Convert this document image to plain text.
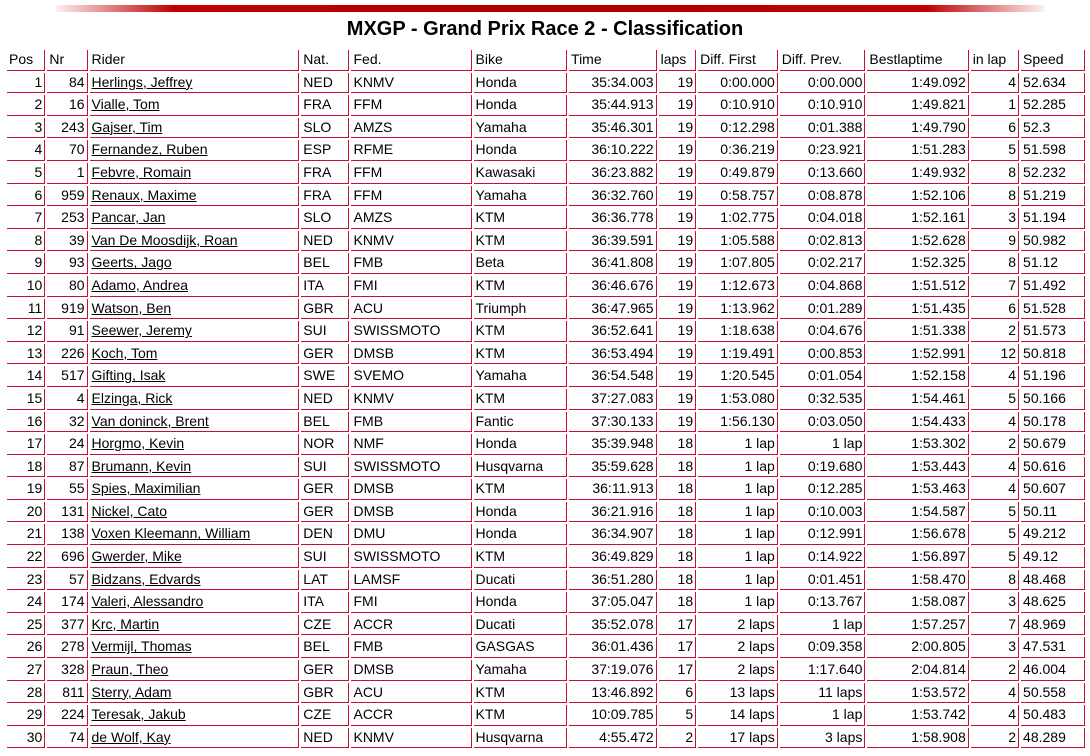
MXGP - Grand Prix Race 2 - Classification
Pos	Nr	Rider	Nat.	Fed.	Bike	Time	laps	Diff. First	Diff. Prev.	Bestlaptime	in lap	Speed
1	84	Herlings, Jeffrey	NED	KNMV	Honda	35:34.003	19	0:00.000	0:00.000	1:49.092	4	52.634
2	16	Vialle, Tom	FRA	FFM	Honda	35:44.913	19	0:10.910	0:10.910	1:49.821	1	52.285
3	243	Gajser, Tim	SLO	AMZS	Yamaha	35:46.301	19	0:12.298	0:01.388	1:49.790	6	52.3
4	70	Fernandez, Ruben	ESP	RFME	Honda	36:10.222	19	0:36.219	0:23.921	1:51.283	5	51.598
5	1	Febvre, Romain	FRA	FFM	Kawasaki	36:23.882	19	0:49.879	0:13.660	1:49.932	8	52.232
6	959	Renaux, Maxime	FRA	FFM	Yamaha	36:32.760	19	0:58.757	0:08.878	1:52.106	8	51.219
7	253	Pancar, Jan	SLO	AMZS	KTM	36:36.778	19	1:02.775	0:04.018	1:52.161	3	51.194
8	39	Van De Moosdijk, Roan	NED	KNMV	KTM	36:39.591	19	1:05.588	0:02.813	1:52.628	9	50.982
9	93	Geerts, Jago	BEL	FMB	Beta	36:41.808	19	1:07.805	0:02.217	1:52.325	8	51.12
10	80	Adamo, Andrea	ITA	FMI	KTM	36:46.676	19	1:12.673	0:04.868	1:51.512	7	51.492
11	919	Watson, Ben	GBR	ACU	Triumph	36:47.965	19	1:13.962	0:01.289	1:51.435	6	51.528
12	91	Seewer, Jeremy	SUI	SWISSMOTO	KTM	36:52.641	19	1:18.638	0:04.676	1:51.338	2	51.573
13	226	Koch, Tom	GER	DMSB	KTM	36:53.494	19	1:19.491	0:00.853	1:52.991	12	50.818
14	517	Gifting, Isak	SWE	SVEMO	Yamaha	36:54.548	19	1:20.545	0:01.054	1:52.158	4	51.196
15	4	Elzinga, Rick	NED	KNMV	KTM	37:27.083	19	1:53.080	0:32.535	1:54.461	5	50.166
16	32	Van doninck, Brent	BEL	FMB	Fantic	37:30.133	19	1:56.130	0:03.050	1:54.433	4	50.178
17	24	Horgmo, Kevin	NOR	NMF	Honda	35:39.948	18	1 lap	1 lap	1:53.302	2	50.679
18	87	Brumann, Kevin	SUI	SWISSMOTO	Husqvarna	35:59.628	18	1 lap	0:19.680	1:53.443	4	50.616
19	55	Spies, Maximilian	GER	DMSB	KTM	36:11.913	18	1 lap	0:12.285	1:53.463	4	50.607
20	131	Nickel, Cato	GER	DMSB	Honda	36:21.916	18	1 lap	0:10.003	1:54.587	5	50.11
21	138	Voxen Kleemann, William	DEN	DMU	Honda	36:34.907	18	1 lap	0:12.991	1:56.678	5	49.212
22	696	Gwerder, Mike	SUI	SWISSMOTO	KTM	36:49.829	18	1 lap	0:14.922	1:56.897	5	49.12
23	57	Bidzans, Edvards	LAT	LAMSF	Ducati	36:51.280	18	1 lap	0:01.451	1:58.470	8	48.468
24	174	Valeri, Alessandro	ITA	FMI	Honda	37:05.047	18	1 lap	0:13.767	1:58.087	3	48.625
25	377	Krc, Martin	CZE	ACCR	Ducati	35:52.078	17	2 laps	1 lap	1:57.257	7	48.969
26	278	Vermijl, Thomas	BEL	FMB	GASGAS	36:01.436	17	2 laps	0:09.358	2:00.805	3	47.531
27	328	Praun, Theo	GER	DMSB	Yamaha	37:19.076	17	2 laps	1:17.640	2:04.814	2	46.004
28	811	Sterry, Adam	GBR	ACU	KTM	13:46.892	6	13 laps	11 laps	1:53.572	4	50.558
29	224	Teresak, Jakub	CZE	ACCR	KTM	10:09.785	5	14 laps	1 lap	1:53.742	4	50.483
30	74	de Wolf, Kay	NED	KNMV	Husqvarna	4:55.472	2	17 laps	3 laps	1:58.908	2	48.289
